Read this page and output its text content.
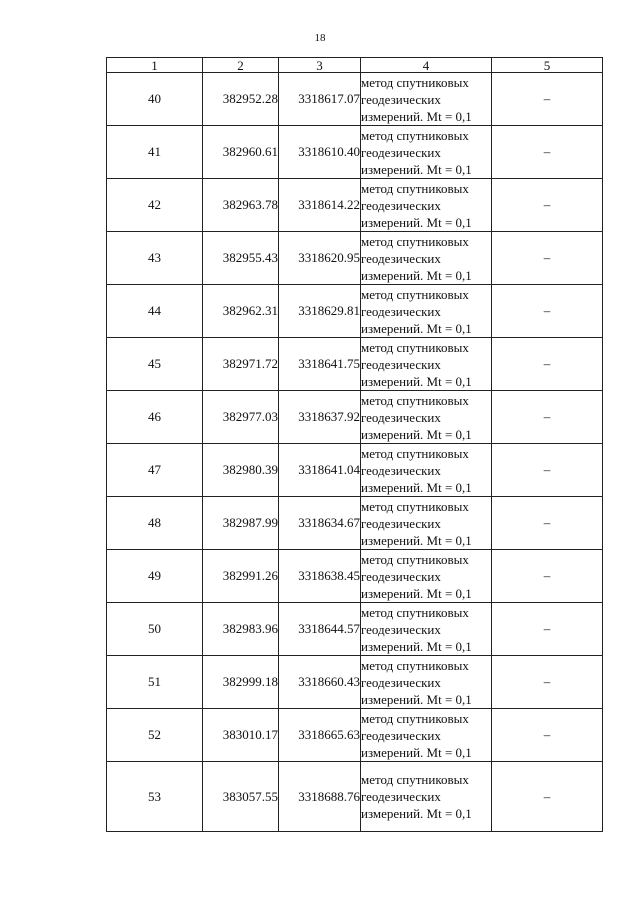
18
1	2	3	4	5
40	382952.28	3318617.07	метод спутниковых
геодезических
измерений. Mt = 0,1	–
41	382960.61	3318610.40	метод спутниковых
геодезических
измерений. Mt = 0,1	–
42	382963.78	3318614.22	метод спутниковых
геодезических
измерений. Mt = 0,1	–
43	382955.43	3318620.95	метод спутниковых
геодезических
измерений. Mt = 0,1	–
44	382962.31	3318629.81	метод спутниковых
геодезических
измерений. Mt = 0,1	–
45	382971.72	3318641.75	метод спутниковых
геодезических
измерений. Mt = 0,1	–
46	382977.03	3318637.92	метод спутниковых
геодезических
измерений. Mt = 0,1	–
47	382980.39	3318641.04	метод спутниковых
геодезических
измерений. Mt = 0,1	–
48	382987.99	3318634.67	метод спутниковых
геодезических
измерений. Mt = 0,1	–
49	382991.26	3318638.45	метод спутниковых
геодезических
измерений. Mt = 0,1	–
50	382983.96	3318644.57	метод спутниковых
геодезических
измерений. Mt = 0,1	–
51	382999.18	3318660.43	метод спутниковых
геодезических
измерений. Mt = 0,1	–
52	383010.17	3318665.63	метод спутниковых
геодезических
измерений. Mt = 0,1	–
53	383057.55	3318688.76	метод спутниковых
геодезических
измерений. Mt = 0,1	–
